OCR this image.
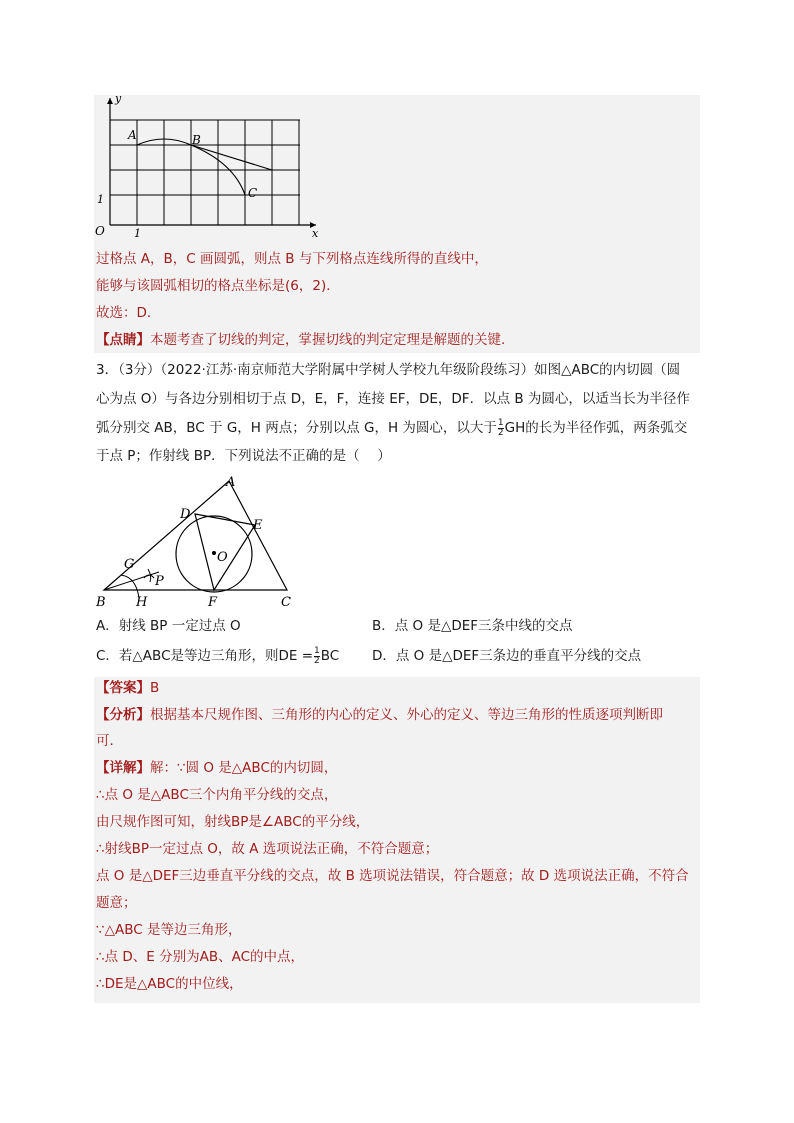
y
x
O
1
1
A	B
C
过格点 A，B，C 画圆弧，则点 B 与下列格点连线所得的直线中，
能够与该圆弧相切的格点坐标是(6，2)．
故选：D．
【点睛】本题考查了切线的判定，掌握切线的判定定理是解题的关键.
3．（3分）（2022·江苏·南京师范大学附属中学树人学校九年级阶段练习）如图△ABC的内切圆（圆
心为点 O）与各边分别相切于点 D，E，F，连接 EF，DE，DF．以点 B 为圆心，以适当长为半径作
弧分别交 AB，BC 于 G，H 两点；分别以点 G，H 为圆心，以大于 $\frac{1}{2}$ GH的长为半径作弧，两条弧交
于点 P；作射线 BP．下列说法不正确的是（　 ）
A
B	C
D
E
F
G
H
O
P
A．射线 BP 一定过点 O	B．点 O 是△DEF三条中线的交点
C．若△ABC是等边三角形，则DE = $\frac{1}{2}$ BC D．点 O 是△DEF三条边的垂直平分线的交点
【答案】B
【分析】根据基本尺规作图、三角形的内心的定义、外心的定义、等边三角形的性质逐项判断即
可．
【详解】解：∵圆 O 是△ABC的内切圆，
∴点 O 是△ABC三个内角平分线的交点，
由尺规作图可知，射线BP是∠ABC的平分线，
∴射线BP一定过点 O，故 A 选项说法正确，不符合题意；
点 O 是△DEF三边垂直平分线的交点，故 B 选项说法错误，符合题意；故 D 选项说法正确，不符合
题意；
∵△ABC 是等边三角形，
∴点 D、E 分别为AB、AC的中点，
∴DE是△ABC的中位线，
